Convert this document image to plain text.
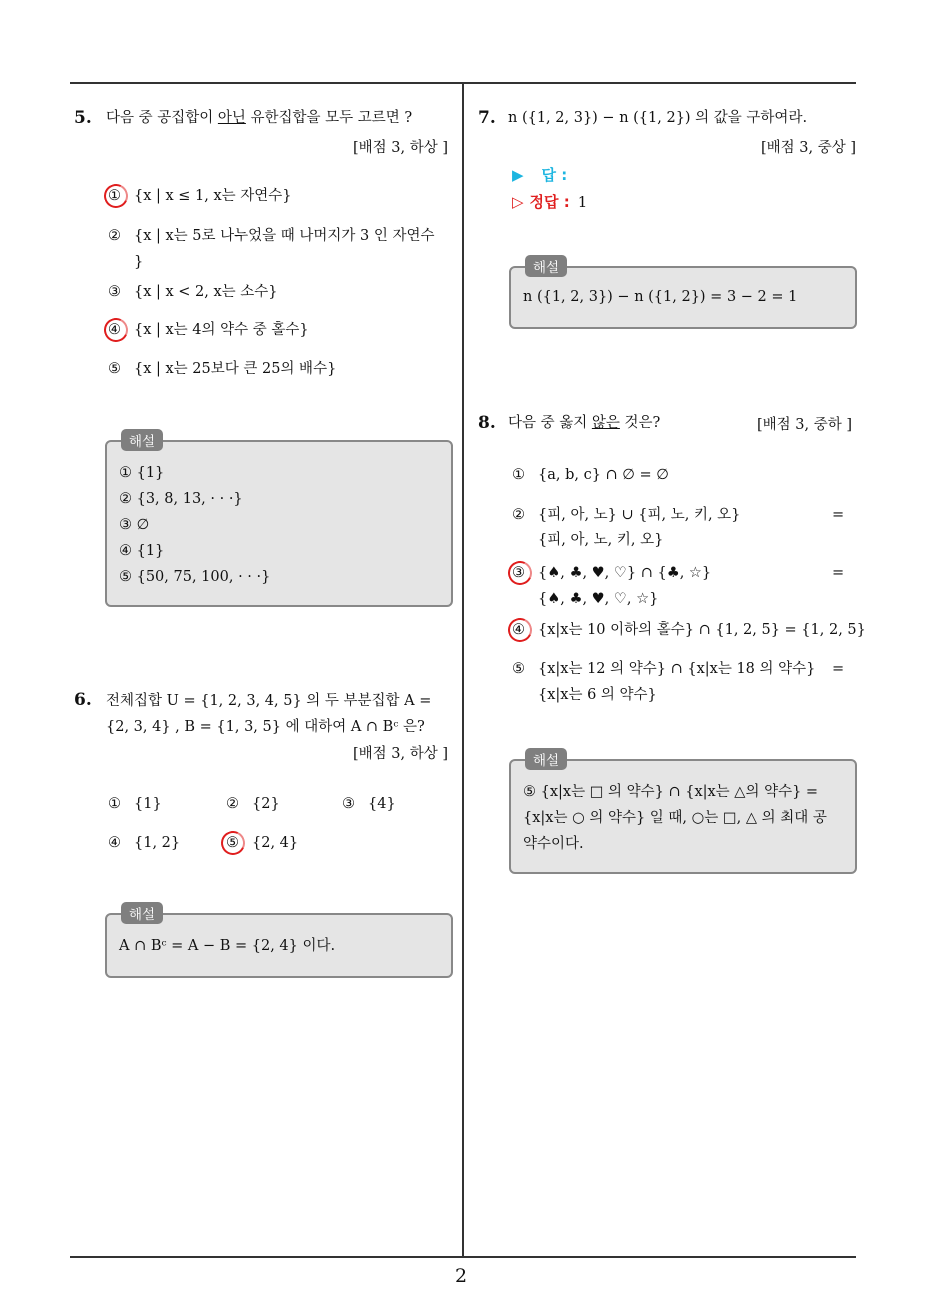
2
5. 다음 중 공집합이 아닌 유한집합을 모두 고르면 ?
[배점 3, 하상 ]
① {x | x ≤ 1, x는 자연수}
② {x | x는 5로 나누었을 때 나머지가 3 인 자연수
}
③ {x | x < 2, x는 소수}
④ {x | x는 4의 약수 중 홀수}
⑤ {x | x는 25보다 큰 25의 배수}
해설
① {1}
② {3, 8, 13, · · ·}
③ ∅
④ {1}
⑤ {50, 75, 100, · · ·}
6. 전체집합 U = {1, 2, 3, 4, 5} 의 두 부분집합 A =
{2, 3, 4} , B = {1, 3, 5} 에 대하여 A ∩ Bᶜ 은?
[배점 3, 하상 ]
① {1}	② {2}	③ {4}
④ {1, 2}	⑤ {2, 4}
해설
A ∩ Bᶜ = A − B = {2, 4} 이다.
7. n ({1, 2, 3}) − n ({1, 2}) 의 값을 구하여라.
[배점 3, 중상 ]
▶ 답 :
▷ 정답 : 1
해설
n ({1, 2, 3}) − n ({1, 2}) = 3 − 2 = 1
8. 다음 중 옳지 않은 것은?	[배점 3, 중하 ]
① {a, b, c} ∩ ∅ = ∅
② {피, 아, 노} ∪ {피, 노, 키, 오}	=
{피, 아, 노, 키, 오}
③ {♠, ♣, ♥, ♡} ∩ {♣, ☆}	=
{♠, ♣, ♥, ♡, ☆}
④ {x|x는 10 이하의 홀수} ∩ {1, 2, 5} = {1, 2, 5}
⑤ {x|x는 12 의 약수} ∩ {x|x는 18 의 약수} =
{x|x는 6 의 약수}
해설
⑤ {x|x는 □ 의 약수} ∩ {x|x는 △의 약수} =
{x|x는 ○ 의 약수} 일 때, ○는 □, △ 의 최대 공
약수이다.
